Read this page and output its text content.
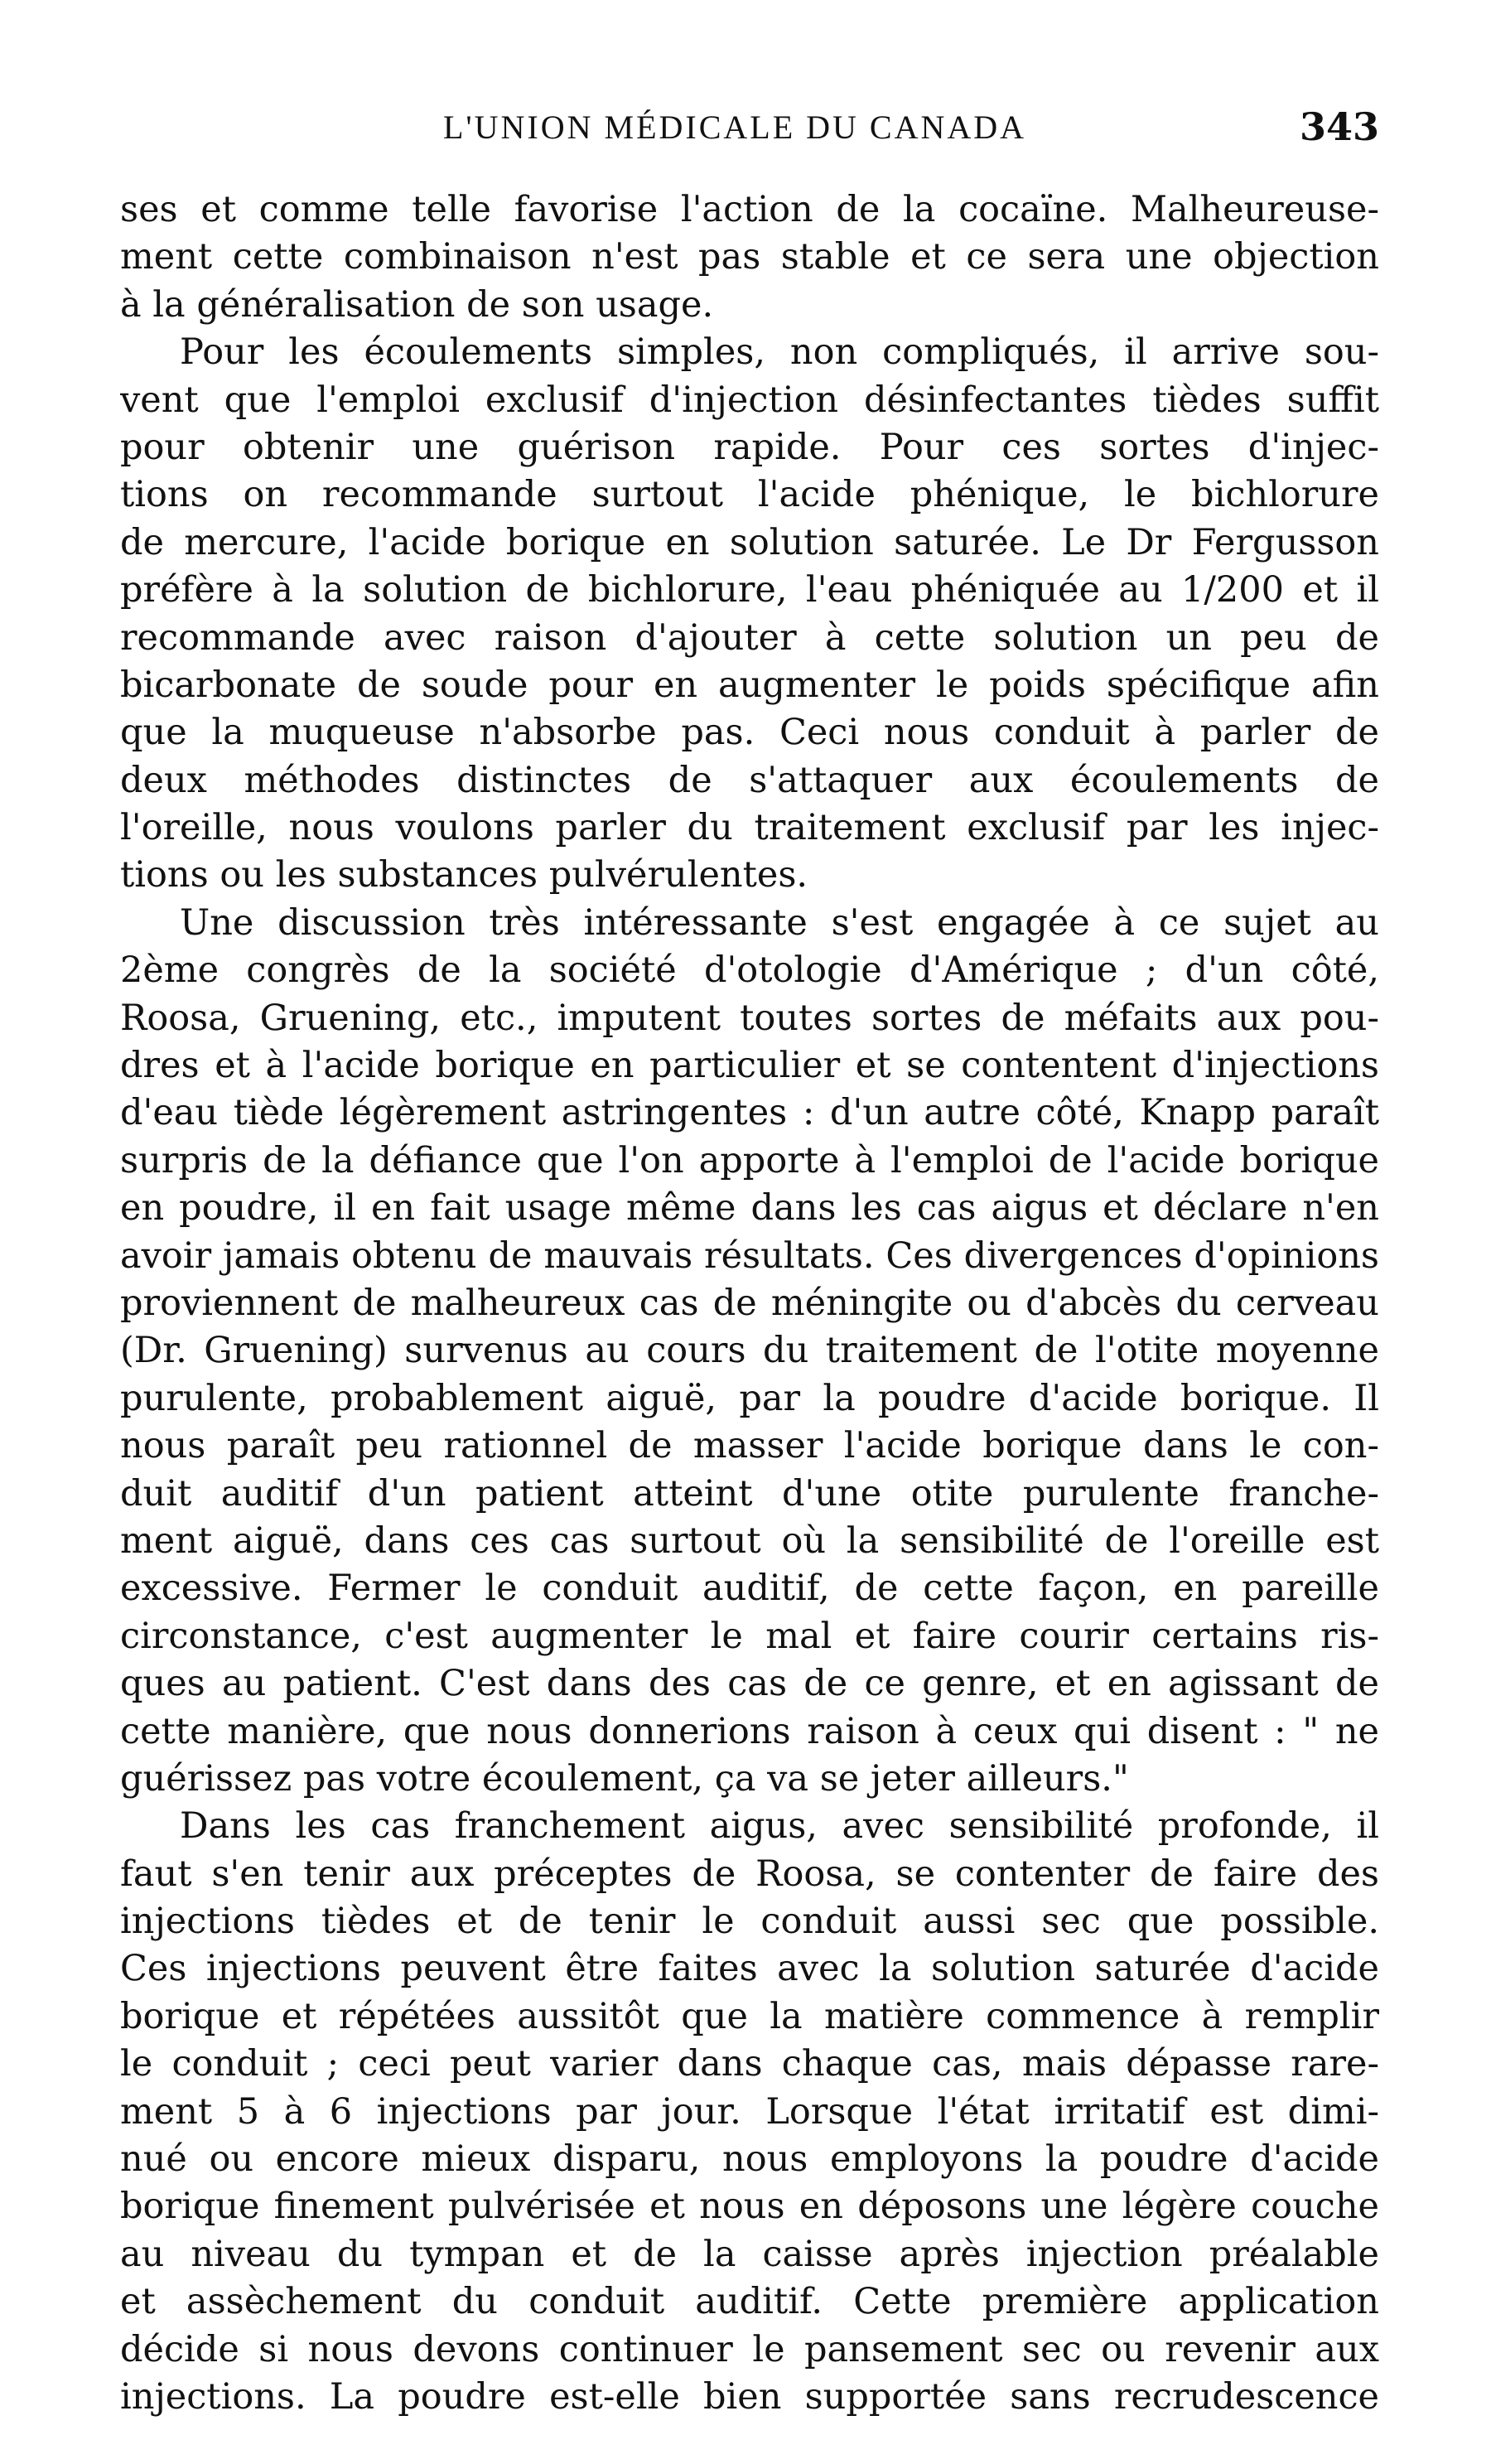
L'UNION MÉDICALE DU CANADA	343
ses et comme telle favorise l'action de la cocaïne. Malheureuse-
ment cette combinaison n'est pas stable et ce sera une objection
à la généralisation de son usage.
Pour les écoulements simples, non compliqués, il arrive sou-
vent que l'emploi exclusif d'injection désinfectantes tièdes suffit
pour obtenir une guérison rapide. Pour ces sortes d'injec-
tions on recommande surtout l'acide phénique, le bichlorure
de mercure, l'acide borique en solution saturée. Le Dr Fergusson
préfère à la solution de bichlorure, l'eau phéniquée au 1/200 et il
recommande avec raison d'ajouter à cette solution un peu de
bicarbonate de soude pour en augmenter le poids spécifique afin
que la muqueuse n'absorbe pas. Ceci nous conduit à parler de
deux méthodes distinctes de s'attaquer aux écoulements de
l'oreille, nous voulons parler du traitement exclusif par les injec-
tions ou les substances pulvérulentes.
Une discussion très intéressante s'est engagée à ce sujet au
2ème congrès de la société d'otologie d'Amérique ; d'un côté,
Roosa, Gruening, etc., imputent toutes sortes de méfaits aux pou-
dres et à l'acide borique en particulier et se contentent d'injections
d'eau tiède légèrement astringentes : d'un autre côté, Knapp paraît
surpris de la défiance que l'on apporte à l'emploi de l'acide borique
en poudre, il en fait usage même dans les cas aigus et déclare n'en
avoir jamais obtenu de mauvais résultats. Ces divergences d'opinions
proviennent de malheureux cas de méningite ou d'abcès du cerveau
(Dr. Gruening) survenus au cours du traitement de l'otite moyenne
purulente, probablement aiguë, par la poudre d'acide borique. Il
nous paraît peu rationnel de masser l'acide borique dans le con-
duit auditif d'un patient atteint d'une otite purulente franche-
ment aiguë, dans ces cas surtout où la sensibilité de l'oreille est
excessive. Fermer le conduit auditif, de cette façon, en pareille
circonstance, c'est augmenter le mal et faire courir certains ris-
ques au patient. C'est dans des cas de ce genre, et en agissant de
cette manière, que nous donnerions raison à ceux qui disent : " ne
guérissez pas votre écoulement, ça va se jeter ailleurs."
Dans les cas franchement aigus, avec sensibilité profonde, il
faut s'en tenir aux préceptes de Roosa, se contenter de faire des
injections tièdes et de tenir le conduit aussi sec que possible.
Ces injections peuvent être faites avec la solution saturée d'acide
borique et répétées aussitôt que la matière commence à remplir
le conduit ; ceci peut varier dans chaque cas, mais dépasse rare-
ment 5 à 6 injections par jour. Lorsque l'état irritatif est dimi-
nué ou encore mieux disparu, nous employons la poudre d'acide
borique finement pulvérisée et nous en déposons une légère couche
au niveau du tympan et de la caisse après injection préalable
et assèchement du conduit auditif. Cette première application
décide si nous devons continuer le pansement sec ou revenir aux
injections. La poudre est-elle bien supportée sans recrudescence
